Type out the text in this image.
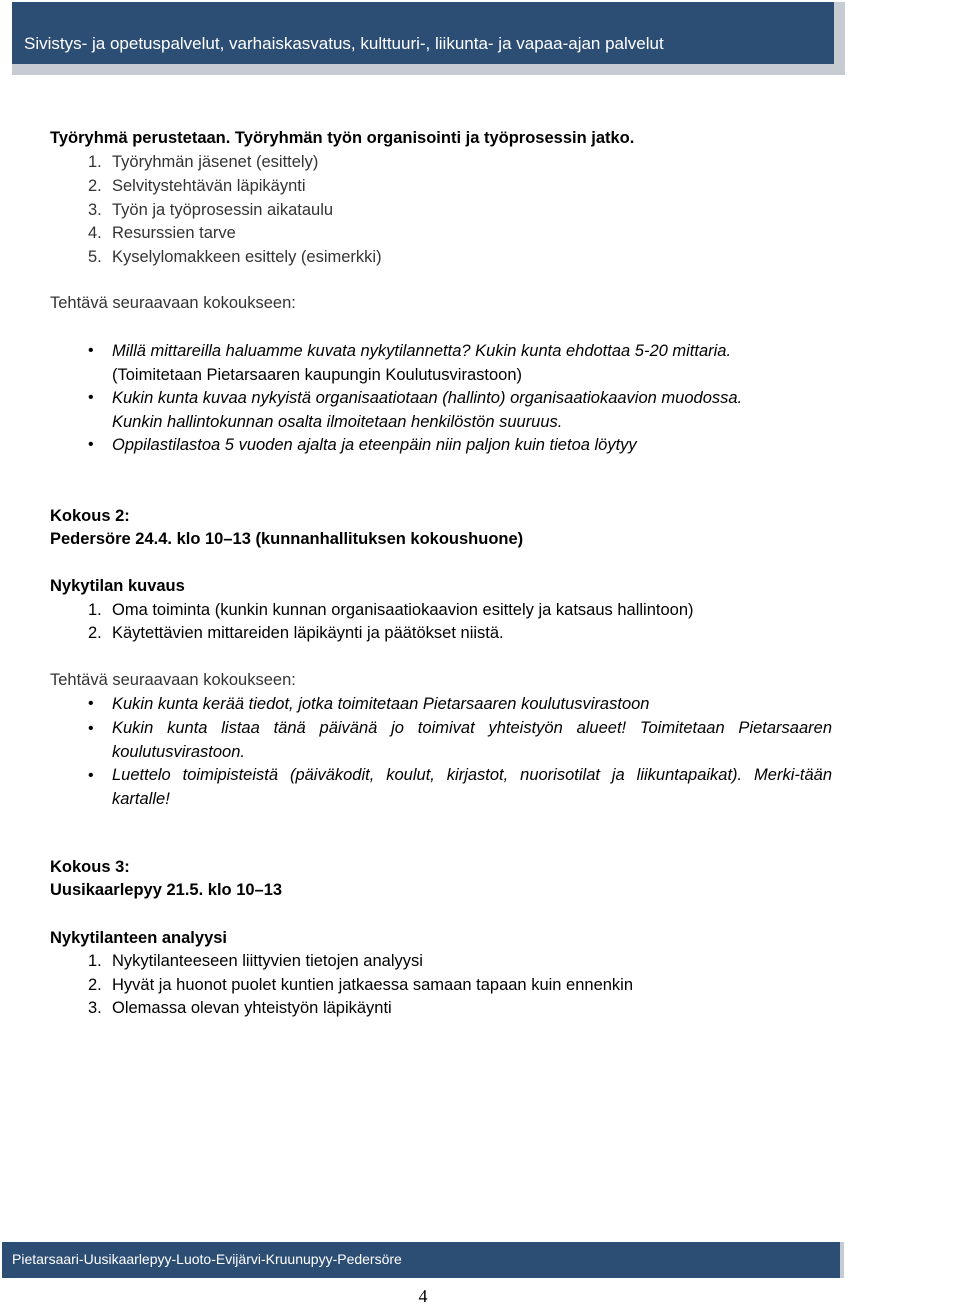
Sivistys- ja opetuspalvelut, varhaiskasvatus, kulttuuri-, liikunta- ja vapaa-ajan palvelut
Työryhmä perustetaan. Työryhmän työn organisointi ja työprosessin jatko.
1. Työryhmän jäsenet (esittely)
2. Selvitystehtävän läpikäynti
3. Työn ja työprosessin aikataulu
4. Resurssien tarve
5. Kyselylomakkeen esittely (esimerkki)
Tehtävä seuraavaan kokoukseen:
• Millä mittareilla haluamme kuvata nykytilannetta? Kukin kunta ehdottaa 5-20 mittaria.
(Toimitetaan Pietarsaaren kaupungin Koulutusvirastoon)
• Kukin kunta kuvaa nykyistä organisaatiotaan (hallinto) organisaatiokaavion muodossa.
Kunkin hallintokunnan osalta ilmoitetaan henkilöstön suuruus.
• Oppilastilastoa 5 vuoden ajalta ja eteenpäin niin paljon kuin tietoa löytyy
Kokous 2:
Pedersöre 24.4. klo 10–13 (kunnanhallituksen kokoushuone)
Nykytilan kuvaus
1. Oma toiminta (kunkin kunnan organisaatiokaavion esittely ja katsaus hallintoon)
2. Käytettävien mittareiden läpikäynti ja päätökset niistä.
Tehtävä seuraavaan kokoukseen:
• Kukin kunta kerää tiedot, jotka toimitetaan Pietarsaaren koulutusvirastoon
• Kukin kunta listaa tänä päivänä jo toimivat yhteistyön alueet! Toimitetaan Pietarsaaren koulutusvirastoon.
• Luettelo toimipisteistä (päiväkodit, koulut, kirjastot, nuorisotilat ja liikuntapaikat). Merki-tään kartalle!
Kokous 3:
Uusikaarlepyy 21.5. klo 10–13
Nykytilanteen analyysi
1. Nykytilanteeseen liittyvien tietojen analyysi
2. Hyvät ja huonot puolet kuntien jatkaessa samaan tapaan kuin ennenkin
3. Olemassa olevan yhteistyön läpikäynti
Pietarsaari-Uusikaarlepyy-Luoto-Evijärvi-Kruunupyy-Pedersöre
4
